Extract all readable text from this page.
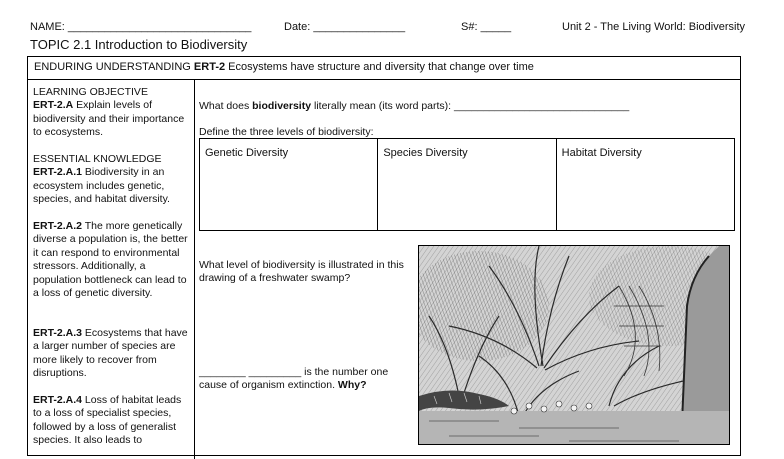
NAME: ______________________________	Date: _______________	S#: _____	Unit 2 - The Living World: Biodiversity
TOPIC 2.1 Introduction to Biodiversity
ENDURING UNDERSTANDING ERT-2 Ecosystems have structure and diversity that change over time

LEARNING OBJECTIVE

ERT-2.A Explain levels of biodiversity and their importance to ecosystems.

ESSENTIAL KNOWLEDGE

ERT-2.A.1 Biodiversity in an ecosystem includes genetic, species, and habitat diversity.

ERT-2.A.2 The more genetically diverse a population is, the better it can respond to environmental stressors. Additionally, a population bottleneck can lead to a loss of genetic diversity.
ERT-2.A.3 Ecosystems that have a larger number of species are more likely to recover from disruptions.
ERT-2.A.4 Loss of habitat leads to a loss of specialist species, followed by a loss of generalist species. It also leads to
What does biodiversity literally mean (its word parts): ______________________________
Define the three levels of biodiversity:
Genetic Diversity	Species Diversity	Habitat Diversity
What level of biodiversity is illustrated in this drawing of a freshwater swamp?
________ _________ is the number one cause of organism extinction. Why?
